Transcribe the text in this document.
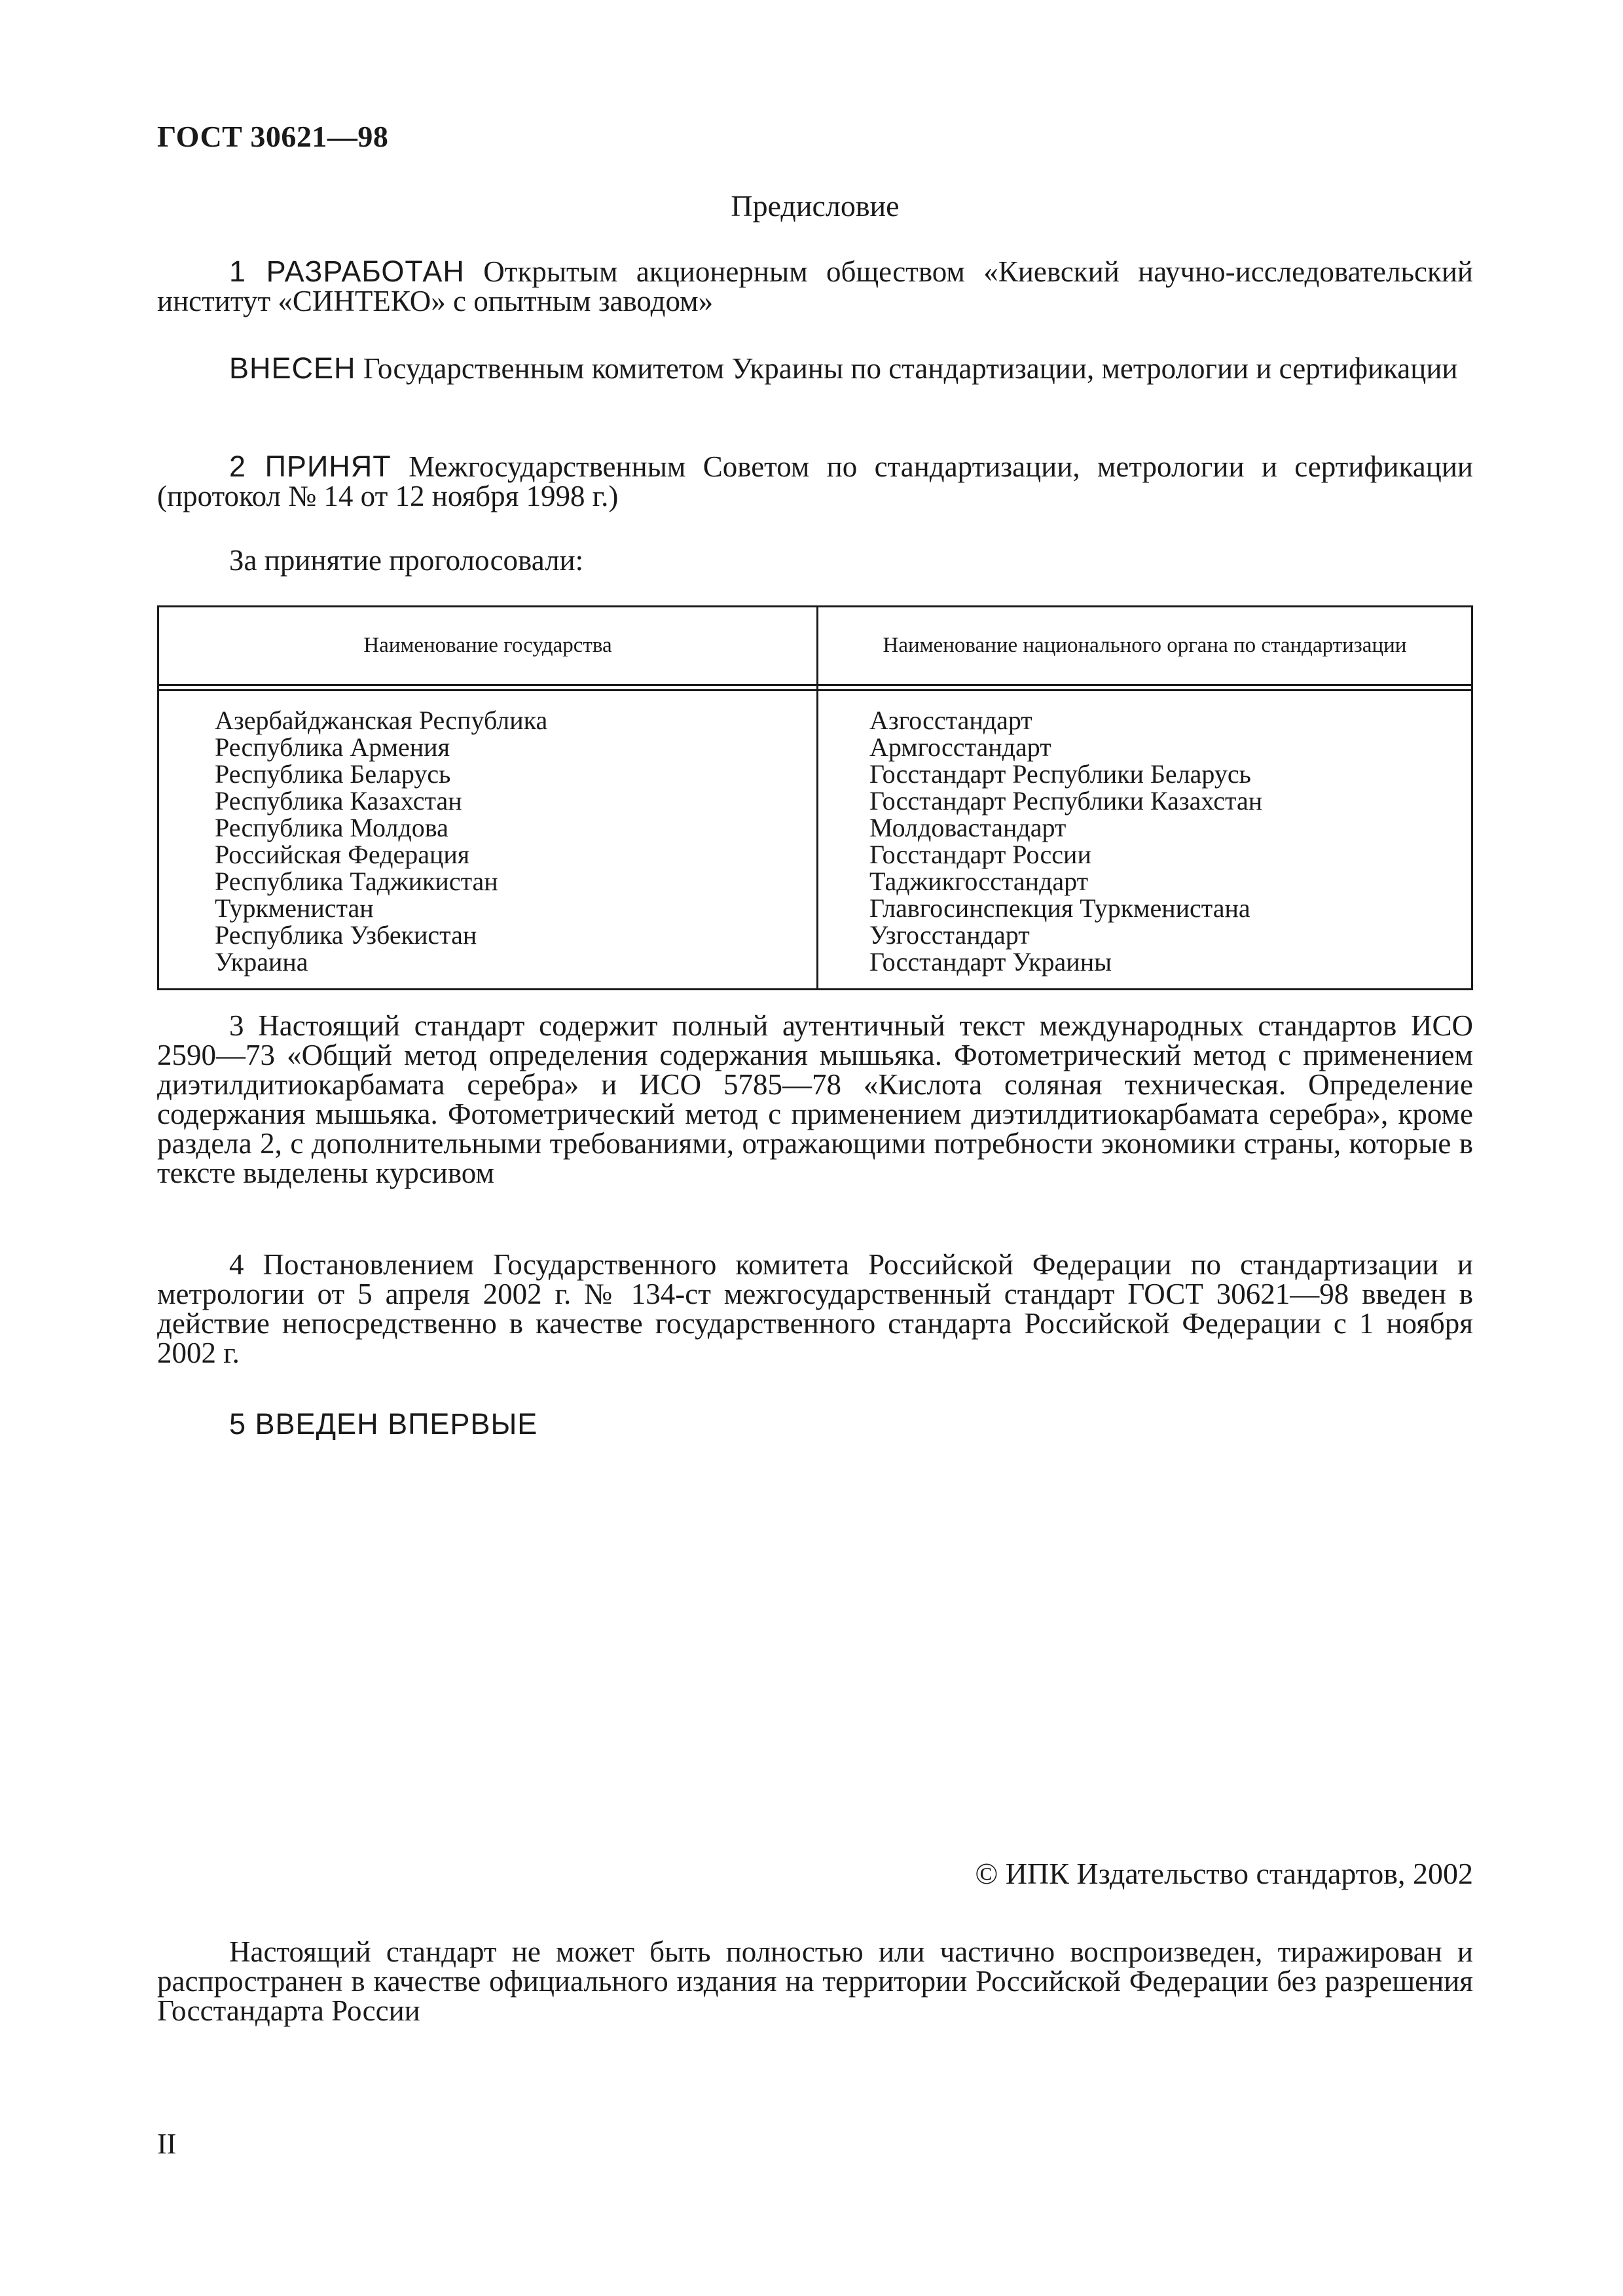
ГОСТ 30621—98
Предисловие

1 РАЗРАБОТАН Открытым акционерным обществом «Киевский научно-исследовательский институт «СИНТЕКО» с опытным заводом»

ВНЕСЕН Государственным комитетом Украины по стандартизации, метрологии и сертификации

2 ПРИНЯТ Межгосударственным Советом по стандартизации, метрологии и сертификации (протокол № 14 от 12 ноября 1998 г.)

За принятие проголосовали:

Наименование государства	Наименование национального органа по стандартизации
Азербайджанская Республика
Республика Армения
Республика Беларусь
Республика Казахстан
Республика Молдова
Российская Федерация
Республика Таджикистан
Туркменистан
Республика Узбекистан
Украина
Азгосстандарт
Армгосстандарт
Госстандарт Республики Беларусь
Госстандарт Республики Казахстан
Молдовастандарт
Госстандарт России
Таджикгосстандарт
Главгосинспекция Туркменистана
Узгосстандарт
Госстандарт Украины

3 Настоящий стандарт содержит полный аутентичный текст международных стандартов ИСО 2590—73 «Общий метод определения содержания мышьяка. Фотометрический метод с применением диэтилдитиокарбамата серебра» и ИСО 5785—78 «Кислота соляная техническая. Определение содержания мышьяка. Фотометрический метод с применением диэтилдитиокарбамата серебра», кроме раздела 2, с дополнительными требованиями, отражающими потребности экономики страны, которые в тексте выделены курсивом

4 Постановлением Государственного комитета Российской Федерации по стандартизации и метрологии от 5 апреля 2002 г. № 134-ст межгосударственный стандарт ГОСТ 30621—98 введен в действие непосредственно в качестве государственного стандарта Российской Федерации с 1 ноября 2002 г.

5 ВВЕДЕН ВПЕРВЫЕ

© ИПК Издательство стандартов, 2002

Настоящий стандарт не может быть полностью или частично воспроизведен, тиражирован и распространен в качестве официального издания на территории Российской Федерации без разрешения Госстандарта России

II
